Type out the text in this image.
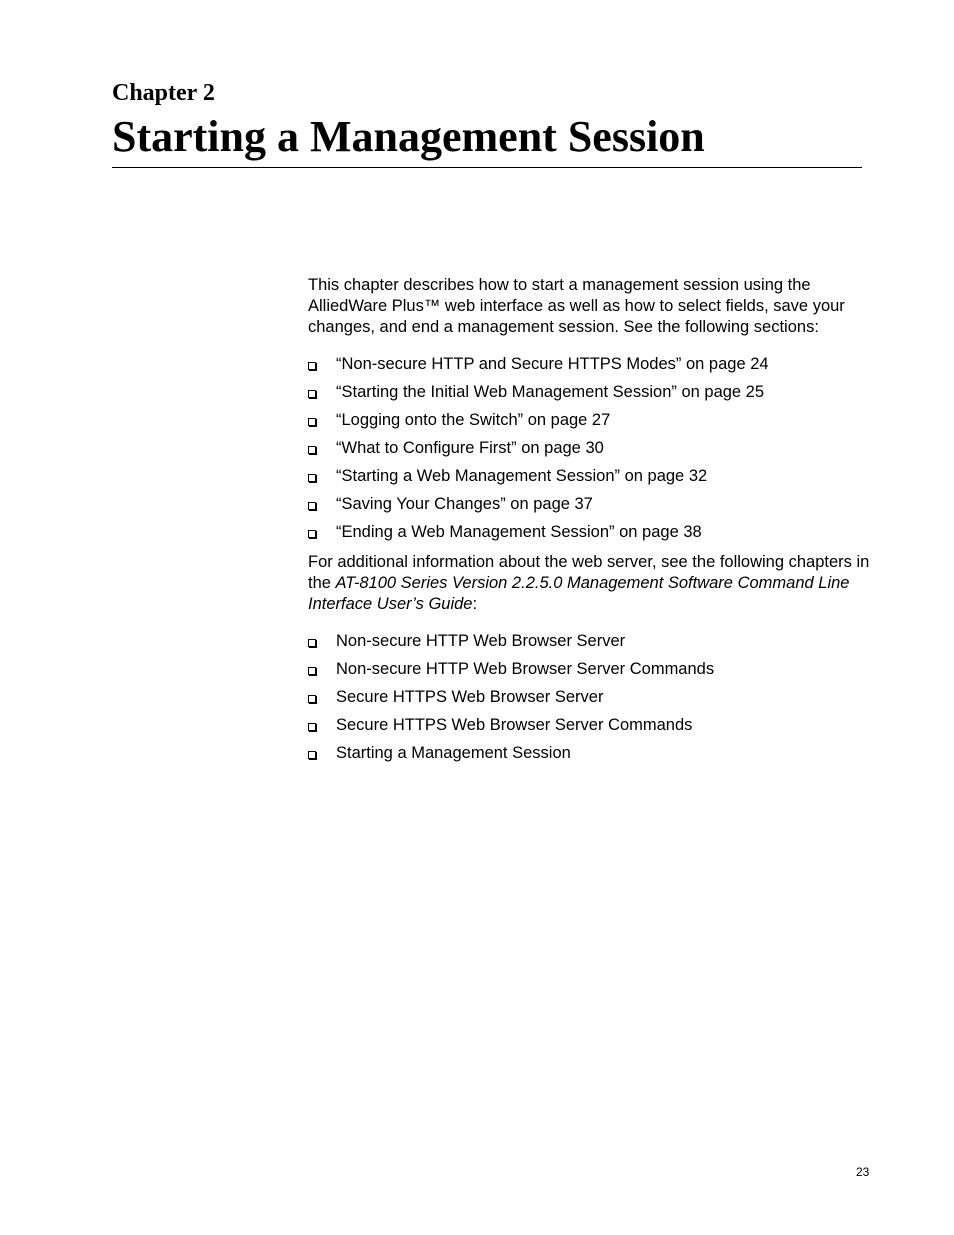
Chapter 2
Starting a Management Session

This chapter describes how to start a management session using the AlliedWare Plus™ web interface as well as how to select fields, save your changes, and end a management session. See the following sections:

“Non-secure HTTP and Secure HTTPS Modes” on page 24
“Starting the Initial Web Management Session” on page 25
“Logging onto the Switch” on page 27
“What to Configure First” on page 30
“Starting a Web Management Session” on page 32
“Saving Your Changes” on page 37
“Ending a Web Management Session” on page 38

For additional information about the web server, see the following chapters in the AT-8100 Series Version 2.2.5.0 Management Software Command Line Interface User’s Guide:

Non-secure HTTP Web Browser Server
Non-secure HTTP Web Browser Server Commands
Secure HTTPS Web Browser Server
Secure HTTPS Web Browser Server Commands
Starting a Management Session
23
